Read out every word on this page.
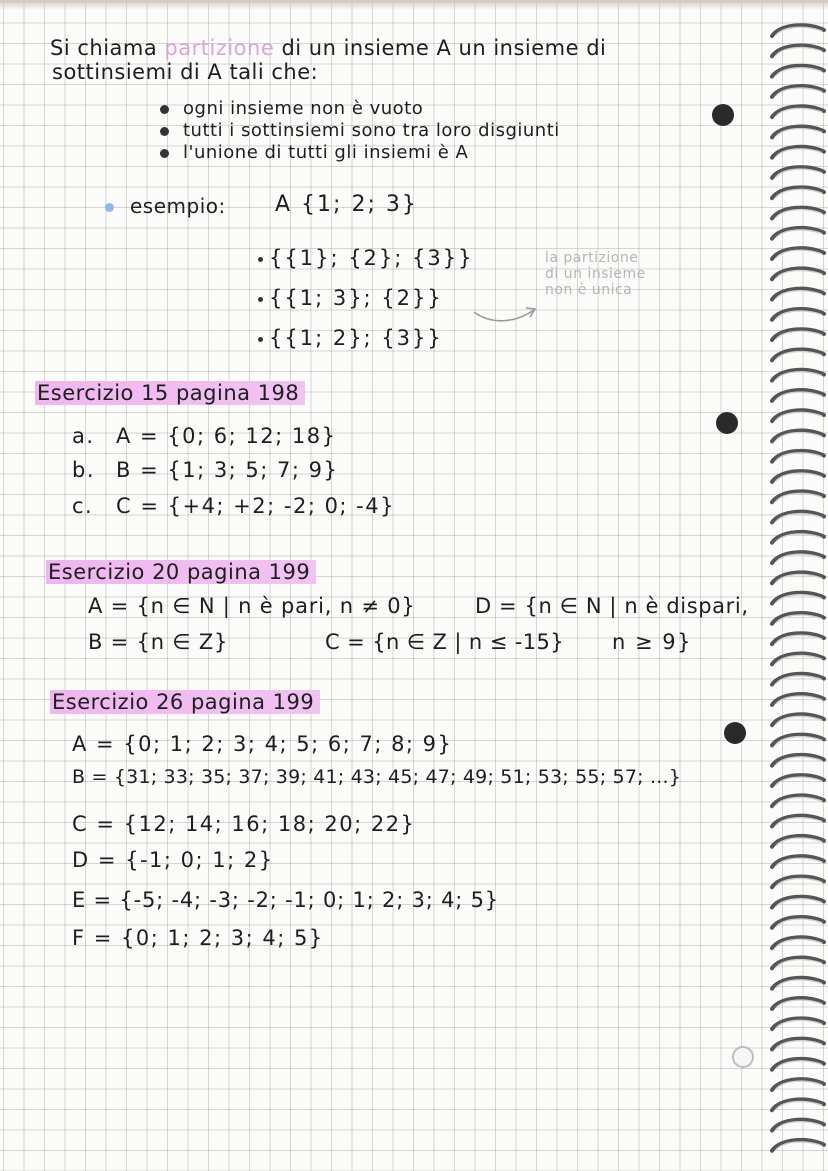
Si chiama partizione di un insieme A un insieme di
sottinsiemi di A tali che:
ogni insieme non è vuoto
tutti i sottinsiemi sono tra loro disgiunti
l'unione di tutti gli insiemi è A
esempio: A {1; 2; 3}
{{1}; {2}; {3}}
{{1; 3}; {2}}
{{1; 2}; {3}}
la partizione
di un insieme
non è unica
Esercizio 15 pagina 198
a. A = {0; 6; 12; 18}
b. B = {1; 3; 5; 7; 9}
c. C = {+4; +2; -2; 0; -4}
Esercizio 20 pagina 199
A = {n ∈ N | n è pari, n ≠ 0}	D = {n ∈ N | n è dispari,
B = {n ∈ Z}	C = {n ∈ Z | n ≤ -15} n ≥ 9}
Esercizio 26 pagina 199
A = {0; 1; 2; 3; 4; 5; 6; 7; 8; 9}
B = {31; 33; 35; 37; 39; 41; 43; 45; 47; 49; 51; 53; 55; 57; ...}
C = {12; 14; 16; 18; 20; 22}
D = {-1; 0; 1; 2}
E = {-5; -4; -3; -2; -1; 0; 1; 2; 3; 4; 5}
F = {0; 1; 2; 3; 4; 5}
